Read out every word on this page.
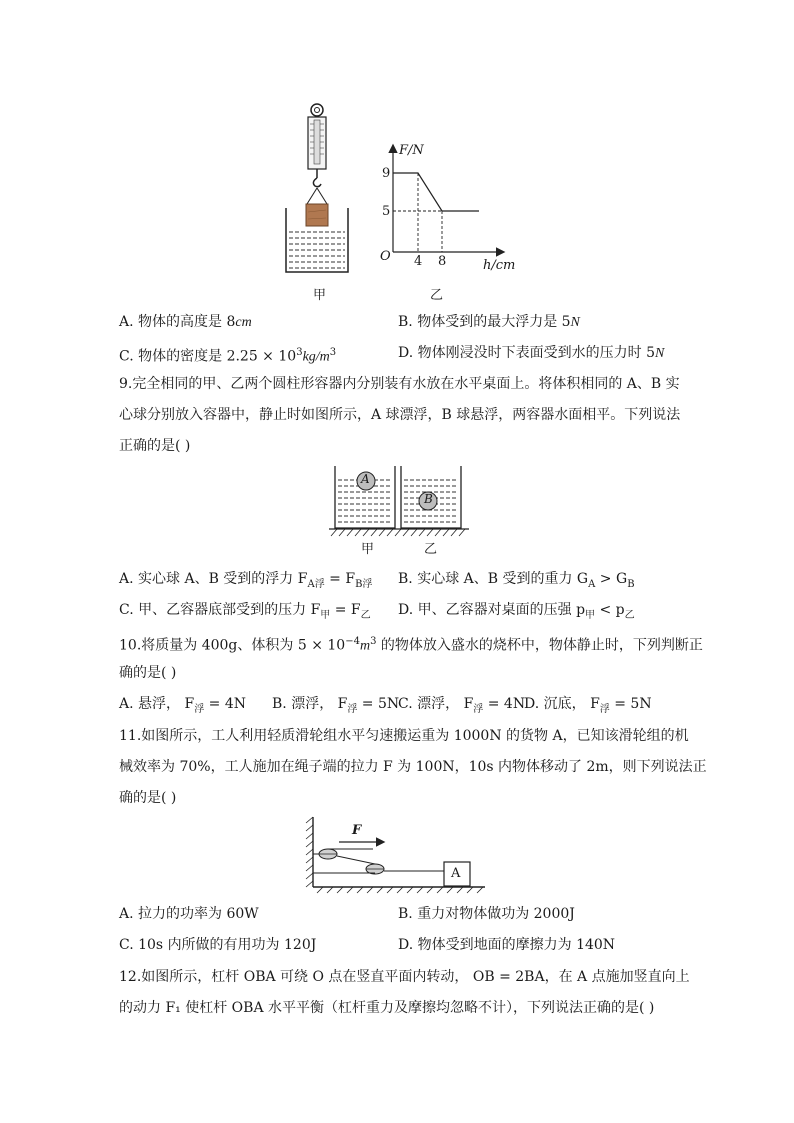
甲
F/N
9
5
O 4 8	h/cm
乙
A. 物体的高度是 8cm	B. 物体受到的最大浮力是 5N
C. 物体的密度是 $2.25 \times 10^3kg/m^3$	D. 物体刚浸没时下表面受到水的压力时 5N
9.完全相同的甲、乙两个圆柱形容器内分别装有水放在水平桌面上。将体积相同的 A、B 实
心球分别放入容器中，静止时如图所示，A 球漂浮，B 球悬浮，两容器水面相平。下列说法
正确的是( )
A
B
甲	乙
A. 实心球 A、B 受到的浮力 $F_{A浮} = F_{B浮}$ B. 实心球 A、B 受到的重力 $G_A > G_B$
C. 甲、乙容器底部受到的压力 $F_甲 = F_乙$ D. 甲、乙容器对桌面的压强 $p_甲 < p_乙$
10.将质量为 400g、体积为 $5 \times 10^{-4}m^3$ 的物体放入盛水的烧杯中，物体静止时，下列判断正
确的是( )
A. 悬浮， $F_浮 = 4N$ B. 漂浮， $F_浮 = 5N$
C. 漂浮， $F_浮 = 4N$
D. 沉底， $F_浮 = 5N$
11.如图所示，工人利用轻质滑轮组水平匀速搬运重为 1000N 的货物 A，已知该滑轮组的机
械效率为 70%，工人施加在绳子端的拉力 F 为 100N，10s 内物体移动了 2m，则下列说法正
确的是( )
F
A
A. 拉力的功率为 60W	B. 重力对物体做功为 2000J
C. 10s 内所做的有用功为 120J	D. 物体受到地面的摩擦力为 140N
12.如图所示，杠杆 OBA 可绕 O 点在竖直平面内转动， OB = 2BA，在 A 点施加竖直向上
的动力 F₁ 使杠杆 OBA 水平平衡（杠杆重力及摩擦均忽略不计），下列说法正确的是( )
